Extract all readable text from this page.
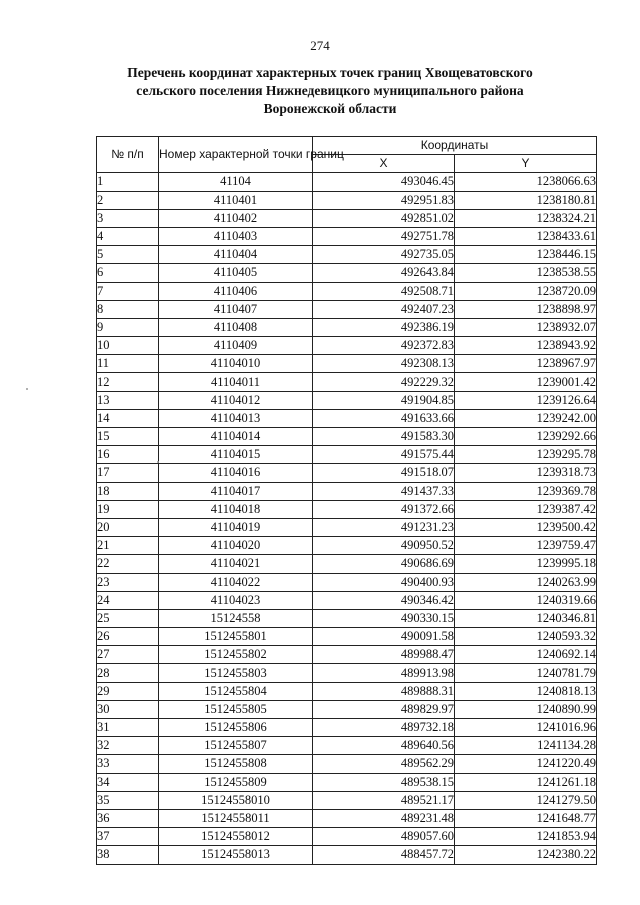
274
Перечень координат характерных точек границ Хвощеватовского
сельского поселения Нижнедевицкого муниципального района
Воронежской области
№ п/п	Номер характерной точки границ	Координаты	
		X	Y
1	41104	493046.45	1238066.63
2	4110401	492951.83	1238180.81
3	4110402	492851.02	1238324.21
4	4110403	492751.78	1238433.61
5	4110404	492735.05	1238446.15
6	4110405	492643.84	1238538.55
7	4110406	492508.71	1238720.09
8	4110407	492407.23	1238898.97
9	4110408	492386.19	1238932.07
10	4110409	492372.83	1238943.92
11	41104010	492308.13	1238967.97
12	41104011	492229.32	1239001.42
13	41104012	491904.85	1239126.64
14	41104013	491633.66	1239242.00
15	41104014	491583.30	1239292.66
16	41104015	491575.44	1239295.78
17	41104016	491518.07	1239318.73
18	41104017	491437.33	1239369.78
19	41104018	491372.66	1239387.42
20	41104019	491231.23	1239500.42
21	41104020	490950.52	1239759.47
22	41104021	490686.69	1239995.18
23	41104022	490400.93	1240263.99
24	41104023	490346.42	1240319.66
25	15124558	490330.15	1240346.81
26	1512455801	490091.58	1240593.32
27	1512455802	489988.47	1240692.14
28	1512455803	489913.98	1240781.79
29	1512455804	489888.31	1240818.13
30	1512455805	489829.97	1240890.99
31	1512455806	489732.18	1241016.96
32	1512455807	489640.56	1241134.28
33	1512455808	489562.29	1241220.49
34	1512455809	489538.15	1241261.18
35	15124558010	489521.17	1241279.50
36	15124558011	489231.48	1241648.77
37	15124558012	489057.60	1241853.94
38	15124558013	488457.72	1242380.22
